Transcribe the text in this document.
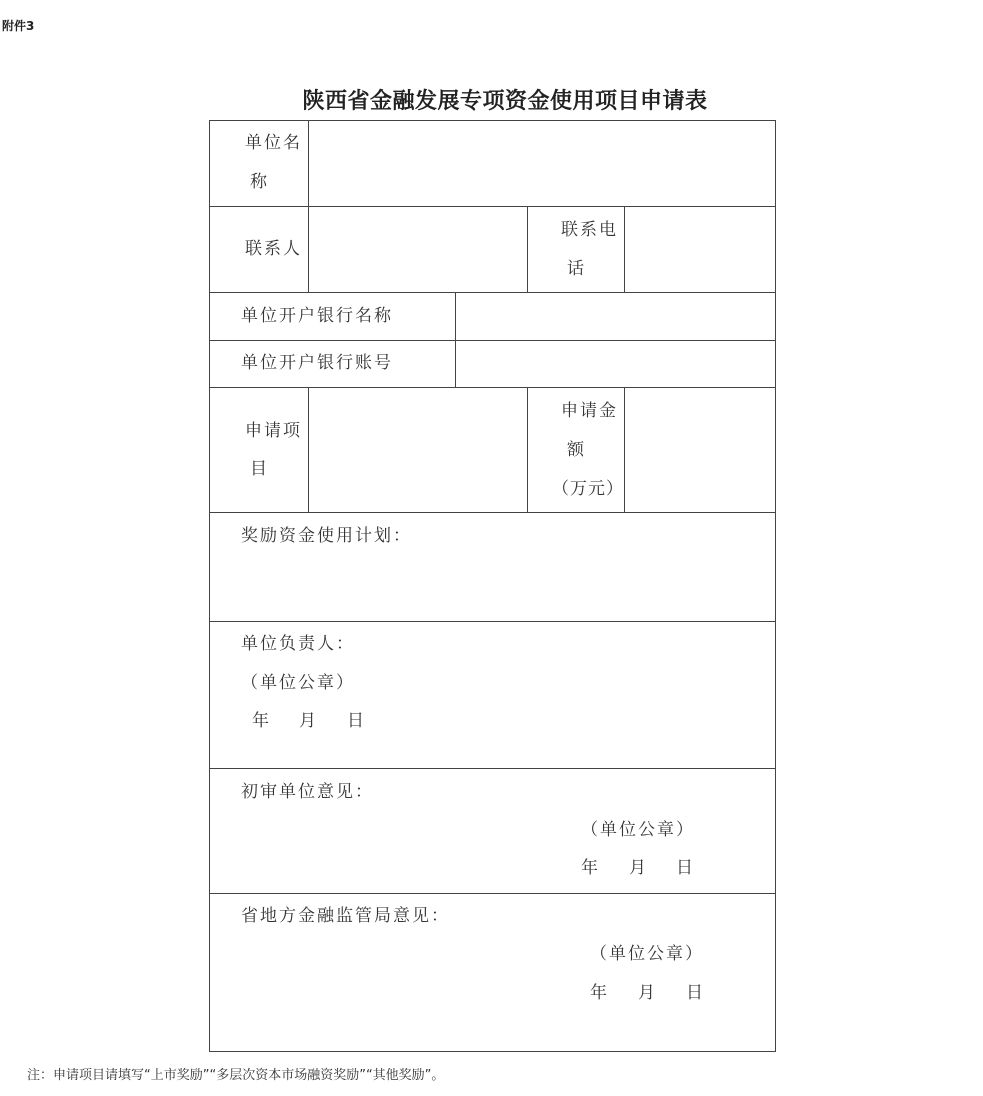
附件3
陕西省金融发展专项资金使用项目申请表
单位名
称
联系人
联系电
话
单位开户银行名称
单位开户银行账号
申请项
目
申请金
额
（万元）
奖励资金使用计划：
单位负责人：
（单位公章）
年 月 日
初审单位意见：
（单位公章）
年 月 日
省地方金融监管局意见：
（单位公章）
年 月 日
注：申请项目请填写“上市奖励”“多层次资本市场融资奖励”“其他奖励”。
